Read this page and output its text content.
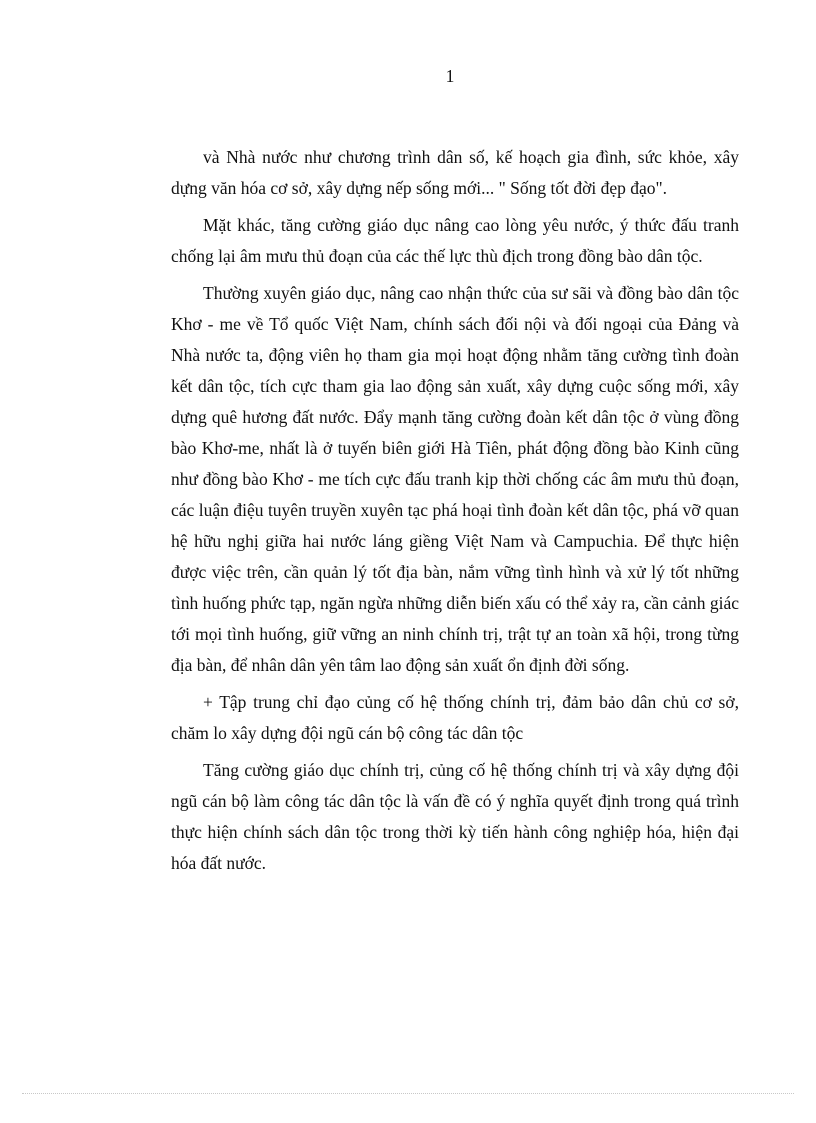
1

và Nhà nước như chương trình dân số, kế hoạch gia đình, sức khỏe, xây dựng văn hóa cơ sở, xây dựng nếp sống mới... " Sống tốt đời đẹp đạo".

Mặt khác, tăng cường giáo dục nâng cao lòng yêu nước, ý thức đấu tranh chống lại âm mưu thủ đoạn của các thế lực thù địch trong đồng bào dân tộc.

Thường xuyên giáo dục, nâng cao nhận thức của sư sãi và đồng bào dân tộc Khơ - me về Tổ quốc Việt Nam, chính sách đối nội và đối ngoại của Đảng và Nhà nước ta, động viên họ tham gia mọi hoạt động nhằm tăng cường tình đoàn kết dân tộc, tích cực tham gia lao động sản xuất, xây dựng cuộc sống mới, xây dựng quê hương đất nước. Đẩy mạnh tăng cường đoàn kết dân tộc ở vùng đồng bào Khơ-me, nhất là ở tuyến biên giới Hà Tiên, phát động đồng bào Kinh cũng như đồng bào Khơ - me tích cực đấu tranh kịp thời chống các âm mưu thủ đoạn, các luận điệu tuyên truyền xuyên tạc phá hoại tình đoàn kết dân tộc, phá vỡ quan hệ hữu nghị giữa hai nước láng giềng Việt Nam và Campuchia. Để thực hiện được việc trên, cần quản lý tốt địa bàn, nắm vững tình hình và xử lý tốt những tình huống phức tạp, ngăn ngừa những diễn biến xấu có thể xảy ra, cần cảnh giác tới mọi tình huống, giữ vững an ninh chính trị, trật tự an toàn xã hội, trong từng địa bàn, để nhân dân yên tâm lao động sản xuất ổn định đời sống.

+ Tập trung chỉ đạo củng cố hệ thống chính trị, đảm bảo dân chủ cơ sở, chăm lo xây dựng đội ngũ cán bộ công tác dân tộc

Tăng cường giáo dục chính trị, củng cố hệ thống chính trị và xây dựng đội ngũ cán bộ làm công tác dân tộc là vấn đề có ý nghĩa quyết định trong quá trình thực hiện chính sách dân tộc trong thời kỳ tiến hành công nghiệp hóa, hiện đại hóa đất nước.
